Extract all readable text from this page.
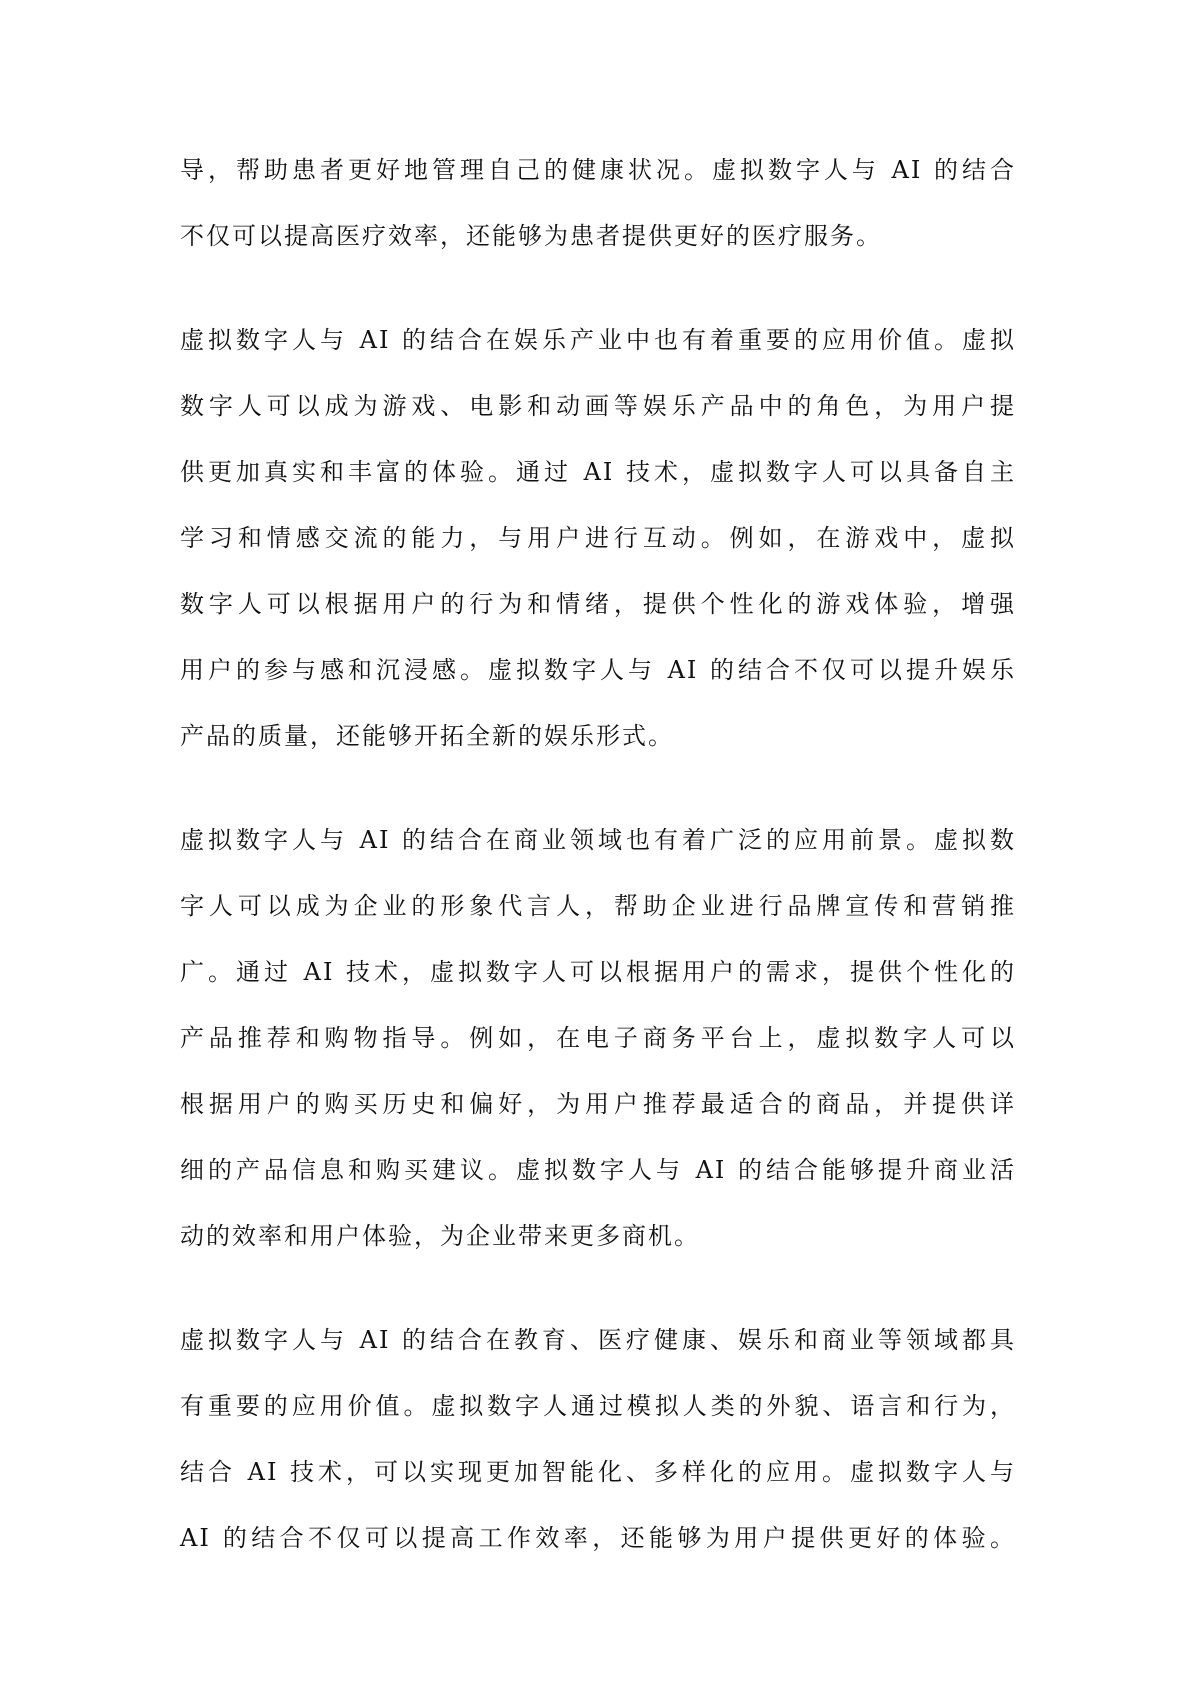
导，帮助患者更好地管理自己的健康状况。虚拟数字人与 AI 的结合
不仅可以提高医疗效率，还能够为患者提供更好的医疗服务。
虚拟数字人与 AI 的结合在娱乐产业中也有着重要的应用价值。虚拟
数字人可以成为游戏、电影和动画等娱乐产品中的角色，为用户提
供更加真实和丰富的体验。通过 AI 技术，虚拟数字人可以具备自主
学习和情感交流的能力，与用户进行互动。例如，在游戏中，虚拟
数字人可以根据用户的行为和情绪，提供个性化的游戏体验，增强
用户的参与感和沉浸感。虚拟数字人与 AI 的结合不仅可以提升娱乐
产品的质量，还能够开拓全新的娱乐形式。
虚拟数字人与 AI 的结合在商业领域也有着广泛的应用前景。虚拟数
字人可以成为企业的形象代言人，帮助企业进行品牌宣传和营销推
广。通过 AI 技术，虚拟数字人可以根据用户的需求，提供个性化的
产品推荐和购物指导。例如，在电子商务平台上，虚拟数字人可以
根据用户的购买历史和偏好，为用户推荐最适合的商品，并提供详
细的产品信息和购买建议。虚拟数字人与 AI 的结合能够提升商业活
动的效率和用户体验，为企业带来更多商机。
虚拟数字人与 AI 的结合在教育、医疗健康、娱乐和商业等领域都具
有重要的应用价值。虚拟数字人通过模拟人类的外貌、语言和行为，
结合 AI 技术，可以实现更加智能化、多样化的应用。虚拟数字人与
AI 的结合不仅可以提高工作效率，还能够为用户提供更好的体验。
